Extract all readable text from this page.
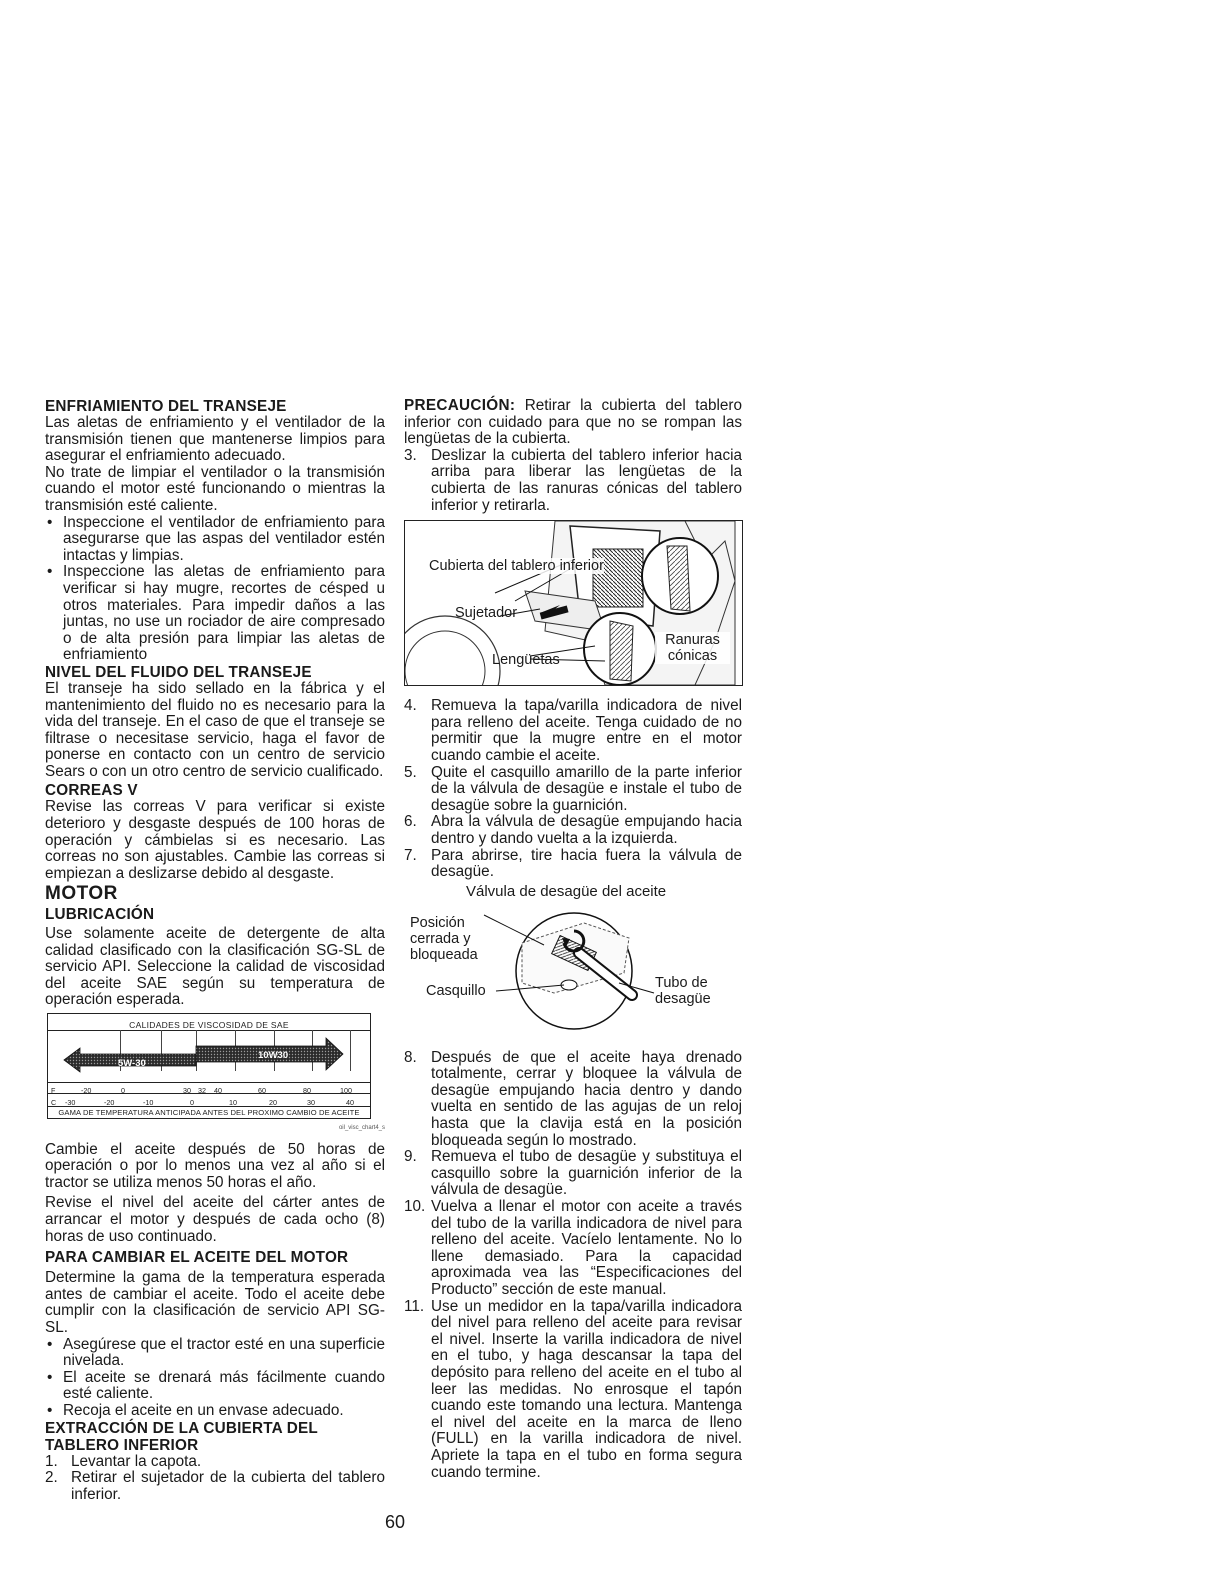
ENFRIAMIENTO DEL TRANSEJE

Las aletas de enfriamiento y el ventilador de la transmisión tienen que mantenerse limpios para asegurar el enfriamiento adecuado.

No trate de limpiar el ventilador o la transmisión cuando el motor esté funcionando o mientras la transmisión esté caliente.

• Inspeccione el ventilador de enfriamiento para asegurarse que las aspas del ventilador estén intactas y limpias.
• Inspeccione las aletas de enfriamiento para verificar si hay mugre, recortes de césped u otros materiales. Para impedir daños a las juntas, no use un rociador de aire compresado o de alta presión para limpiar las aletas de enfriamiento
NIVEL DEL FLUIDO DEL TRANSEJE

El transeje ha sido sellado en la fábrica y el mantenimiento del fluido no es necesario para la vida del transeje. En el caso de que el transeje se filtrase o necesitase servicio, haga el favor de ponerse en contacto con un centro de servicio Sears o con un otro centro de servicio cualificado.

CORREAS V

Revise las correas V para verificar si existe deterioro y desgaste después de 100 horas de operación y cámbielas si es necesario. Las correas no son ajustables. Cambie las correas si empiezan a deslizarse debido al desgaste.

MOTOR
LUBRICACIÓN

Use solamente aceite de detergente de alta calidad clasificado con la clasificación SG-SL de servicio API. Seleccione la calidad de viscosidad del aceite SAE según su temperatura de operación esperada.

CALIDADES DE VISCOSIDAD DE SAE
5W-30
10W30
F	-20	0	30 32 40	60	80	100
C -30	-20	-10	0	10	20	30	40
GAMA DE TEMPERATURA ANTICIPADA ANTES DEL PROXIMO CAMBIO DE ACEITE
oil_visc_chart4_s

Cambie el aceite después de 50 horas de operación o por lo menos una vez al año si el tractor se utiliza menos 50 horas el año.

Revise el nivel del aceite del cárter antes de arrancar el motor y después de cada ocho (8) horas de uso continuado.

PARA CAMBIAR EL ACEITE DEL MOTOR

Determine la gama de la temperatura esperada antes de cambiar el aceite. Todo el aceite debe cumplir con la clasificación de servicio API SG-SL.

• Asegúrese que el tractor esté en una superficie nivelada.
• El aceite se drenará más fácilmente cuando esté caliente.
• Recoja el aceite en un envase adecuado.
EXTRACCIÓN DE LA CUBIERTA DEL
TABLERO INFERIOR
1. Levantar la capota.
2. Retirar el sujetador de la cubierta del tablero inferior.

PRECAUCIÓN: Retirar la cubierta del tablero inferior con cuidado para que no se rompan las lengüetas de la cubierta.

3. Deslizar la cubierta del tablero inferior hacia arriba para liberar las lengüetas de la cubierta de las ranuras cónicas del tablero inferior y retirarla.
Cubierta del tablero inferior
Sujetador
Lengüetas
Ranuras cónicas
4. Remueva la tapa/varilla indicadora de nivel para relleno del aceite. Tenga cuidado de no permitir que la mugre entre en el motor cuando cambie el aceite.
5. Quite el casquillo amarillo de la parte inferior de la válvula de desagüe e instale el tubo de desagüe sobre la guarnición.
6. Abra la válvula de desagüe empujando hacia dentro y dando vuelta a la izquierda.
7. Para abrirse, tire hacia fuera la válvula de desagüe.
Válvula de desagüe del aceite
Posición cerrada y bloqueada
Casquillo	Tubo de desagüe
8. Después de que el aceite haya drenado totalmente, cerrar y bloquee la válvula de desagüe empujando hacia dentro y dando vuelta en sentido de las agujas de un reloj hasta que la clavija está en la posición bloqueada según lo mostrado.
9. Remueva el tubo de desagüe y substituya el casquillo sobre la guarnición inferior de la válvula de desagüe.
10. Vuelva a llenar el motor con aceite a través del tubo de la varilla indicadora de nivel para relleno del aceite. Vacíelo lentamente. No lo llene demasiado. Para la capacidad aproximada vea las “Especificaciones del Producto” sección de este manual.
11. Use un medidor en la tapa/varilla indicadora del nivel para relleno del aceite para revisar el nivel. Inserte la varilla indicadora de nivel en el tubo, y haga descansar la tapa del depósito para relleno del aceite en el tubo al leer las medidas. No enrosque el tapón cuando este tomando una lectura. Mantenga el nivel del aceite en la marca de lleno (FULL) en la varilla indicadora de nivel. Apriete la tapa en el tubo en forma segura cuando termine.
60
